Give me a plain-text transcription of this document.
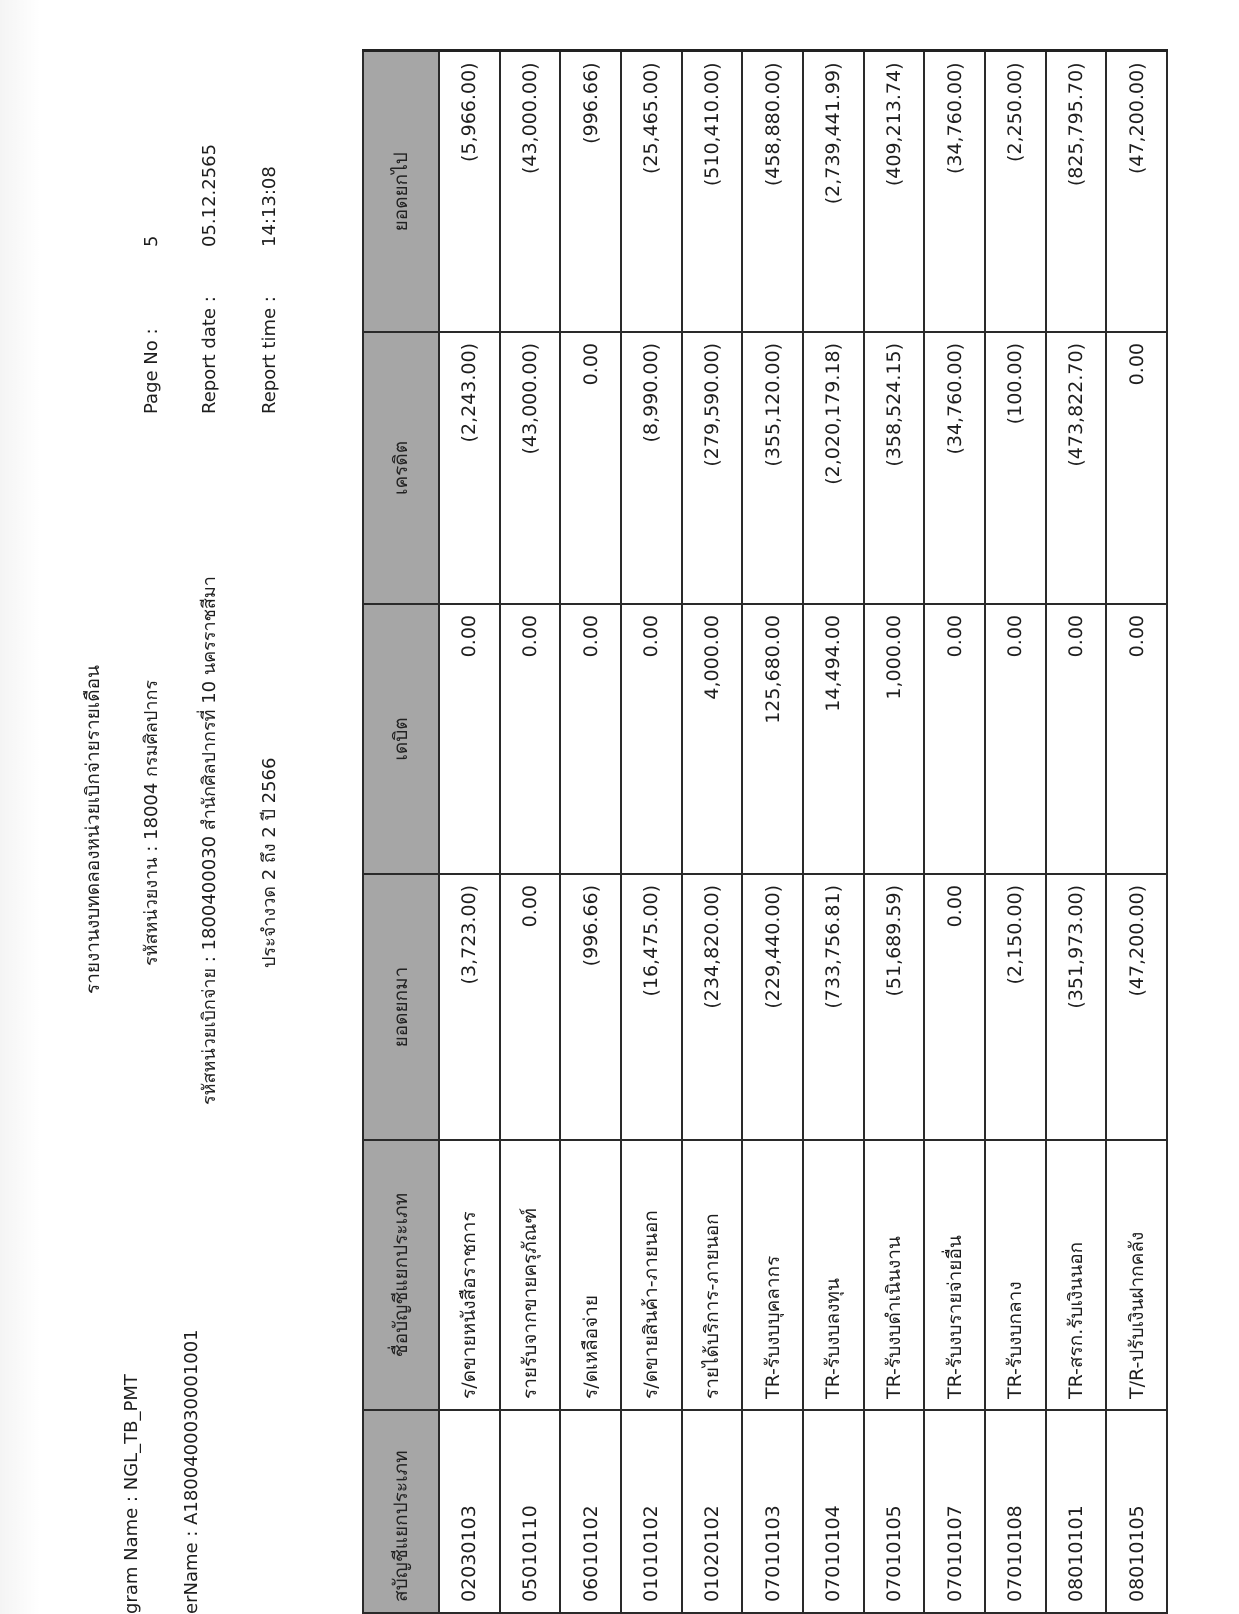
gram Name : NGL_TB_PMT erName : A1800400030001001
รายงานงบทดลองหน่วยเบิกจ่ายรายเดือน รหัสหน่วยงาน : 18004 กรมศิลปากร รหัสหน่วยเบิกจ่าย : 1800400030 สำนักศิลปากรที่ 10 นครราชสีมา ประจำงวด 2 ถึง 2 ปี 2566
Page No :
5
Report date :
05.12.2565
Report time :
14:13:08
สบัญชีแยกประเภท	ชื่อบัญชีแยกประเภท	ยอดยกมา	เดบิต	เครดิต	ยอดยกไป
02030103	ร/ดขายหนังสือราชการ	(3,723.00)	0.00	(2,243.00)	(5,966.00)
05010110	รายรับจากขายครุภัณฑ์	0.00	0.00	(43,000.00)	(43,000.00)
06010102	ร/ดเหลือจ่าย	(996.66)	0.00	0.00	(996.66)
01010102	ร/ดขายสินค้า-ภายนอก	(16,475.00)	0.00	(8,990.00)	(25,465.00)
01020102	รายได้บริการ-ภายนอก	(234,820.00)	4,000.00	(279,590.00)	(510,410.00)
07010103	TR-รับงบบุคลากร	(229,440.00)	125,680.00	(355,120.00)	(458,880.00)
07010104	TR-รับงบลงทุน	(733,756.81)	14,494.00	(2,020,179.18)	(2,739,441.99)
07010105	TR-รับงบดำเนินงาน	(51,689.59)	1,000.00	(358,524.15)	(409,213.74)
07010107	TR-รับงบรายจ่ายอื่น	0.00	0.00	(34,760.00)	(34,760.00)
07010108	TR-รับงบกลาง	(2,150.00)	0.00	(100.00)	(2,250.00)
08010101	TR-สรก.รับเงินนอก	(351,973.00)	0.00	(473,822.70)	(825,795.70)
08010105	T/R-ปรับเงินฝากคลัง	(47,200.00)	0.00	0.00	(47,200.00)
